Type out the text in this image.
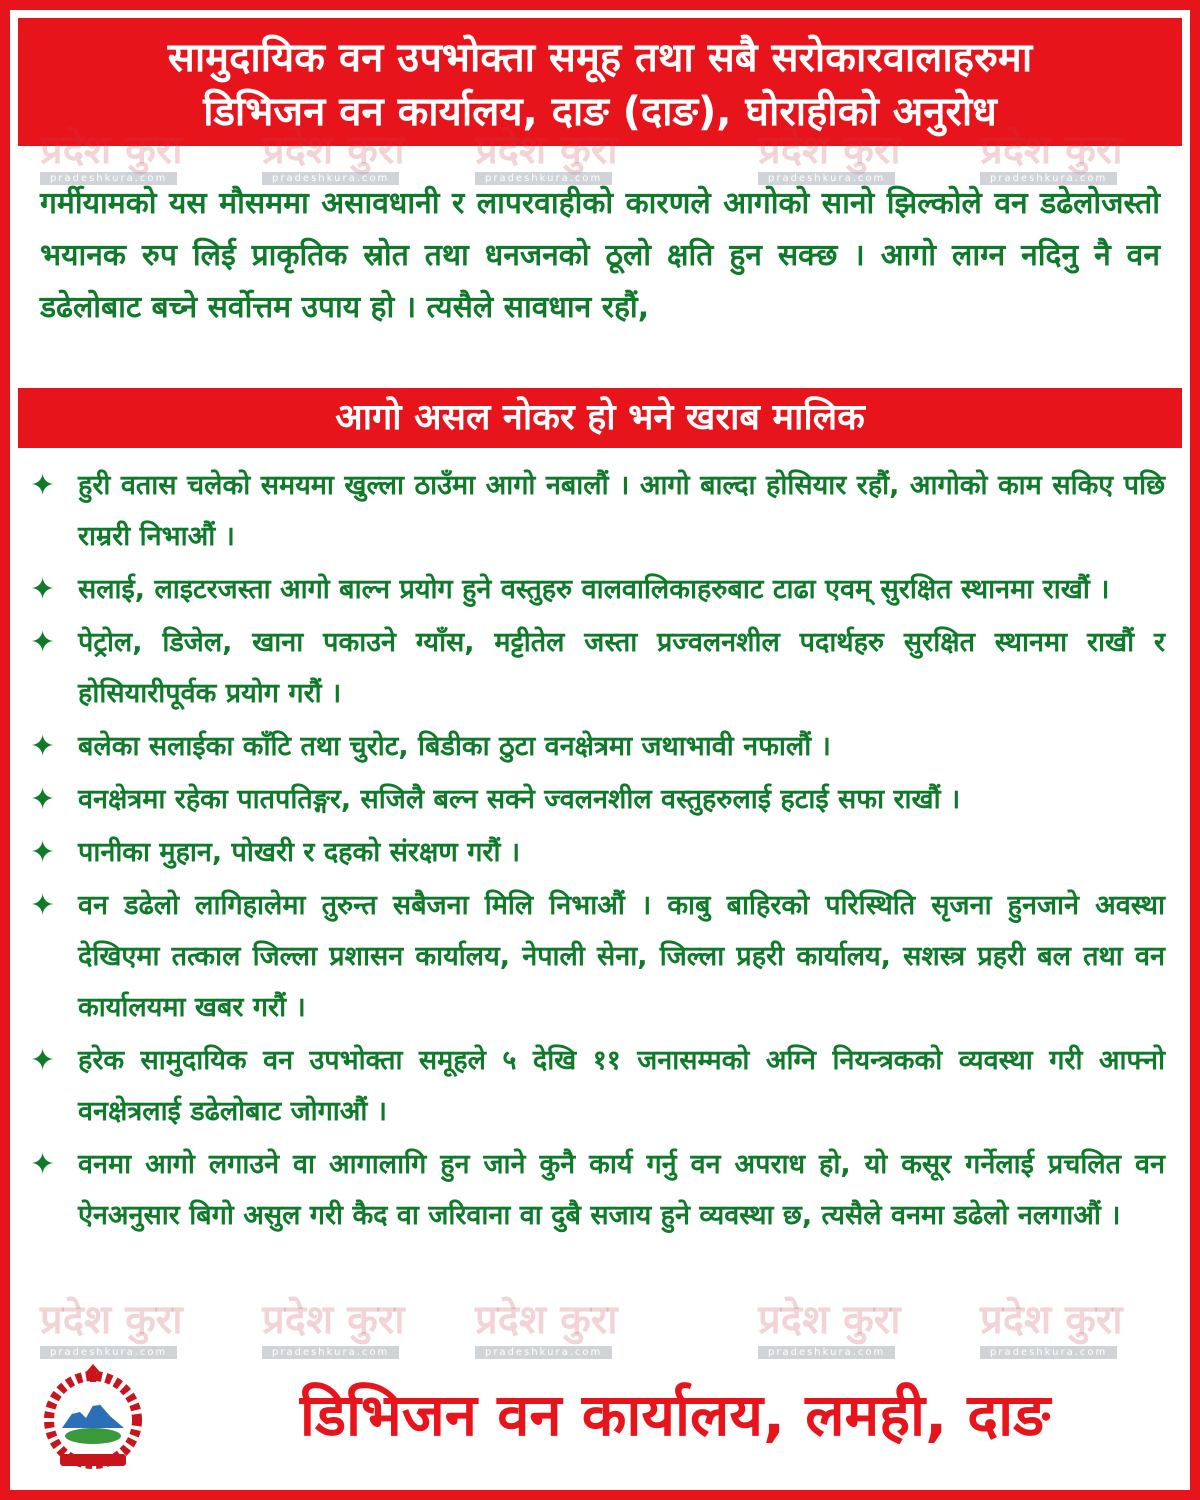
सामुदायिक वन उपभोक्ता समूह तथा सबै सरोकारवालाहरुमा
डिभिजन वन कार्यालय, दाङ (दाङ), घोराहीको अनुरोध
प्रदेश कुरा प्रदेश कुरा प्रदेश कुरा	प्रदेश कुरा प्रदेश कुरा
pradeshkura.com	pradeshkura.com	pradeshkura.com	pradeshkura.com	pradeshkura.com
गर्मीयामको यस मौसममा असावधानी र लापरवाहीको कारणले आगोको सानो झिल्कोले वन डढेलोजस्तो भयानक रुप लिई प्राकृतिक स्रोत तथा धनजनको ठूलो क्षति हुन सक्छ । आगो लाग्न नदिनु नै वन डढेलोबाट बच्ने सर्वोत्तम उपाय हो । त्यसैले सावधान रहौं,
आगो असल नोकर हो भने खराब मालिक
✦ हुरी वतास चलेको समयमा खुल्ला ठाउँमा आगो नबालौं । आगो बाल्दा होसियार रहौं, आगोको काम सकिए पछि राम्ररी निभाऔं ।
✦ सलाई, लाइटरजस्ता आगो बाल्न प्रयोग हुने वस्तुहरु वालवालिकाहरुबाट टाढा एवम् सुरक्षित स्थानमा राखौं ।
✦ पेट्रोल, डिजेल, खाना पकाउने ग्याँस, मट्टीतेल जस्ता प्रज्वलनशील पदार्थहरु सुरक्षित स्थानमा राखौं र होसियारीपूर्वक प्रयोग गरौं ।
✦ बलेका सलाईका काँटि तथा चुरोट, बिडीका ठुटा वनक्षेत्रमा जथाभावी नफालौं ।
✦ वनक्षेत्रमा रहेका पातपतिङ्गर, सजिलै बल्न सक्ने ज्वलनशील वस्तुहरुलाई हटाई सफा राखौं ।
✦ पानीका मुहान, पोखरी र दहको संरक्षण गरौं ।
✦ वन डढेलो लागिहालेमा तुरुन्त सबैजना मिलि निभाऔं । काबु बाहिरको परिस्थिति सृजना हुनजाने अवस्था देखिएमा तत्काल जिल्ला प्रशासन कार्यालय, नेपाली सेना, जिल्ला प्रहरी कार्यालय, सशस्त्र प्रहरी बल तथा वन कार्यालयमा खबर गरौं ।
✦ हरेक सामुदायिक वन उपभोक्ता समूहले ५ देखि ११ जनासम्मको अग्नि नियन्त्रकको व्यवस्था गरी आफ्नो वनक्षेत्रलाई डढेलोबाट जोगाऔं ।
✦ वनमा आगो लगाउने वा आगालागि हुन जाने कुनै कार्य गर्नु वन अपराध हो, यो कसूर गर्नेलाई प्रचलित वन ऐनअनुसार बिगो असुल गरी कैद वा जरिवाना वा दुबै सजाय हुने व्यवस्था छ, त्यसैले वनमा डढेलो नलगाऔं ।
प्रदेश कुरा प्रदेश कुरा प्रदेश कुरा	प्रदेश कुरा प्रदेश कुरा
pradeshkura.com	pradeshkura.com	pradeshkura.com	pradeshkura.com	pradeshkura.com
डिभिजन वन कार्यालय, लमही, दाङ
